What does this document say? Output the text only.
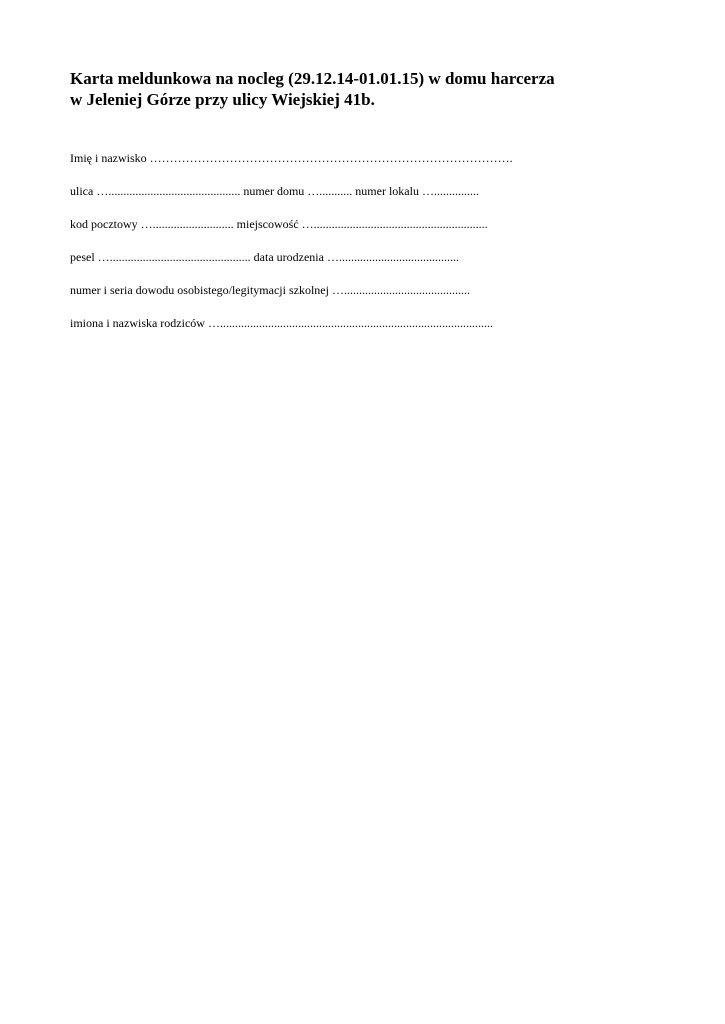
Karta meldunkowa na nocleg (29.12.14-01.01.15) w domu harcerza
w Jeleniej Górze przy ulicy Wiejskiej 41b.
Imię i nazwisko ……………………………………………………………………………….
ulica …............................................ numer domu …........... numer lokalu …...............
kod pocztowy …........................... miejscowość …..........................................................
pesel …............................................... data urodzenia …........................................
numer i seria dowodu osobistego/legitymacji szkolnej …..........................................
imiona i nazwiska rodziców …...........................................................................................
